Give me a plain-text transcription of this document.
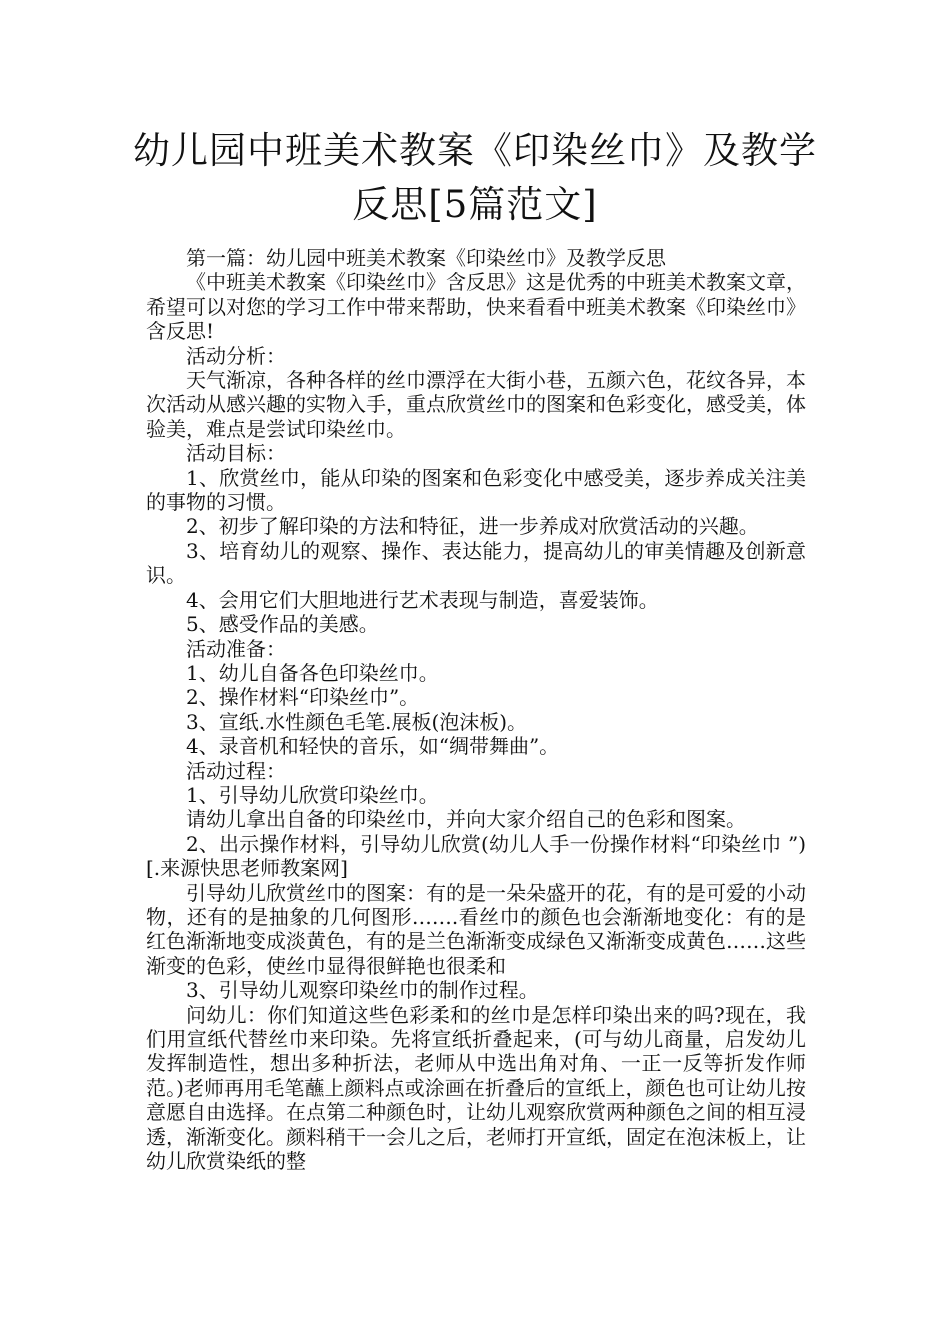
幼儿园中班美术教案《印染丝巾》及教学
反思[5篇范文]

第一篇：幼儿园中班美术教案《印染丝巾》及教学反思

《中班美术教案《印染丝巾》含反思》这是优秀的中班美术教案文章，希望可以对您的学习工作中带来帮助，快来看看中班美术教案《印染丝巾》含反思!

活动分析：

天气渐凉，各种各样的丝巾漂浮在大街小巷，五颜六色，花纹各异，本次活动从感兴趣的实物入手，重点欣赏丝巾的图案和色彩变化，感受美，体验美，难点是尝试印染丝巾。

活动目标：

1、欣赏丝巾，能从印染的图案和色彩变化中感受美，逐步养成关注美的事物的习惯。

2、初步了解印染的方法和特征，进一步养成对欣赏活动的兴趣。

3、培育幼儿的观察、操作、表达能力，提高幼儿的审美情趣及创新意识。

4、会用它们大胆地进行艺术表现与制造，喜爱装饰。

5、感受作品的美感。

活动准备：

1、幼儿自备各色印染丝巾。

2、操作材料“印染丝巾”。

3、宣纸.水性颜色毛笔.展板(泡沫板)。

4、录音机和轻快的音乐，如“绸带舞曲”。

活动过程：

1、引导幼儿欣赏印染丝巾。

请幼儿拿出自备的印染丝巾，并向大家介绍自己的色彩和图案。

2、出示操作材料，引导幼儿欣赏(幼儿人手一份操作材料“印染丝巾 ”)[.来源快思老师教案网]

引导幼儿欣赏丝巾的图案：有的是一朵朵盛开的花，有的是可爱的小动物，还有的是抽象的几何图形…….看丝巾的颜色也会渐渐地变化：有的是红色渐渐地变成淡黄色，有的是兰色渐渐变成绿色又渐渐变成黄色……这些渐变的色彩，使丝巾显得很鲜艳也很柔和

3、引导幼儿观察印染丝巾的制作过程。

问幼儿：你们知道这些色彩柔和的丝巾是怎样印染出来的吗?现在，我们用宣纸代替丝巾来印染。先将宣纸折叠起来，(可与幼儿商量，启发幼儿发挥制造性，想出多种折法，老师从中选出角对角、一正一反等折发作师范。)老师再用毛笔蘸上颜料点或涂画在折叠后的宣纸上，颜色也可让幼儿按意愿自由选择。在点第二种颜色时，让幼儿观察欣赏两种颜色之间的相互浸透，渐渐变化。颜料稍干一会儿之后，老师打开宣纸，固定在泡沫板上，让幼儿欣赏染纸的整
